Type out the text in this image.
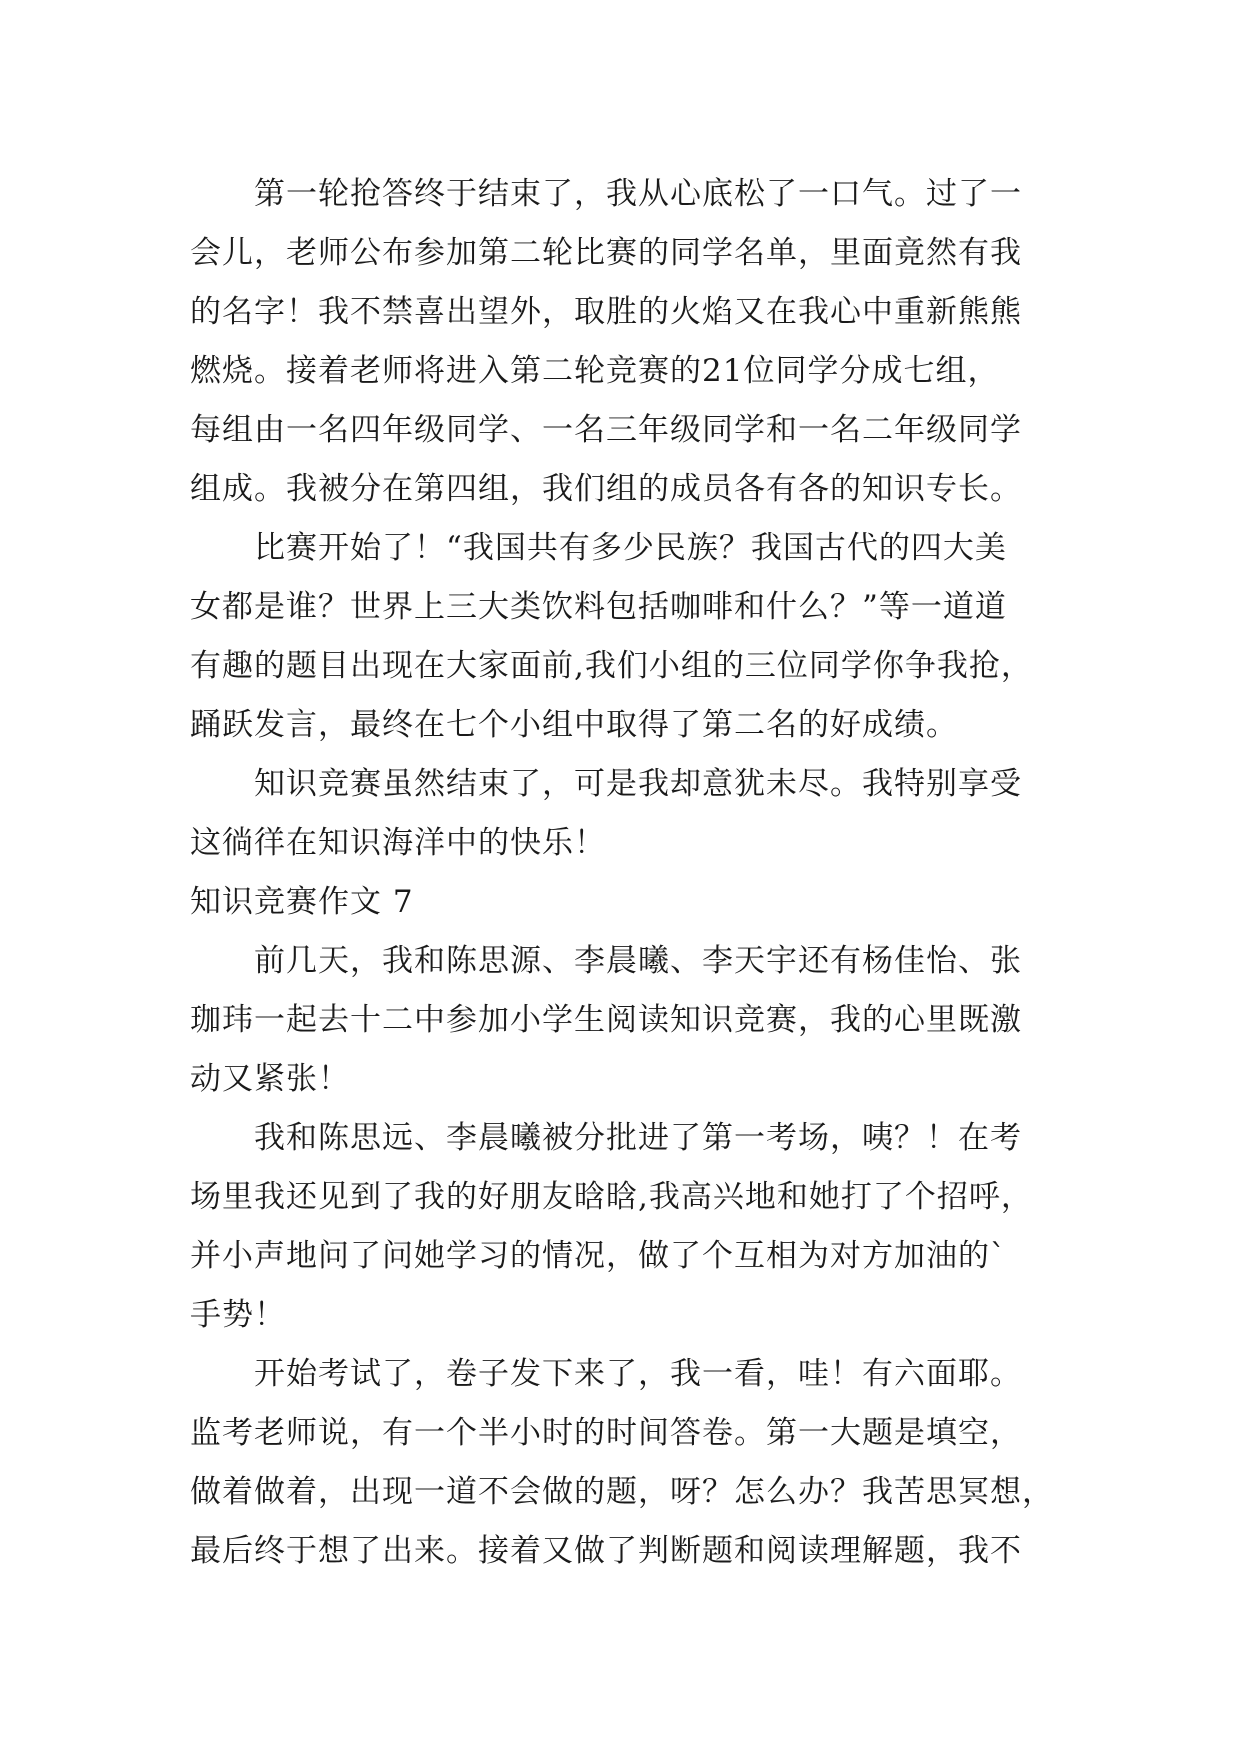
第一轮抢答终于结束了，我从心底松了一口气。过了一
会儿，老师公布参加第二轮比赛的同学名单，里面竟然有我
的名字！我不禁喜出望外，取胜的火焰又在我心中重新熊熊
燃烧。接着老师将进入第二轮竞赛的21位同学分成七组，
每组由一名四年级同学、一名三年级同学和一名二年级同学
组成。我被分在第四组，我们组的成员各有各的知识专长。
比赛开始了！“我国共有多少民族？我国古代的四大美
女都是谁？世界上三大类饮料包括咖啡和什么？”等一道道
有趣的题目出现在大家面前,我们小组的三位同学你争我抢，
踊跃发言，最终在七个小组中取得了第二名的好成绩。
知识竞赛虽然结束了，可是我却意犹未尽。我特别享受
这徜徉在知识海洋中的快乐！
知识竞赛作文 7
前几天，我和陈思源、李晨曦、李天宇还有杨佳怡、张
珈玮一起去十二中参加小学生阅读知识竞赛，我的心里既激
动又紧张！
我和陈思远、李晨曦被分批进了第一考场，咦？！在考
场里我还见到了我的好朋友晗晗,我高兴地和她打了个招呼，
并小声地问了问她学习的情况，做了个互相为对方加油的`
手势！
开始考试了，卷子发下来了，我一看，哇！有六面耶。
监考老师说，有一个半小时的时间答卷。第一大题是填空，
做着做着，出现一道不会做的题，呀？怎么办？我苦思冥想，
最后终于想了出来。接着又做了判断题和阅读理解题，我不
